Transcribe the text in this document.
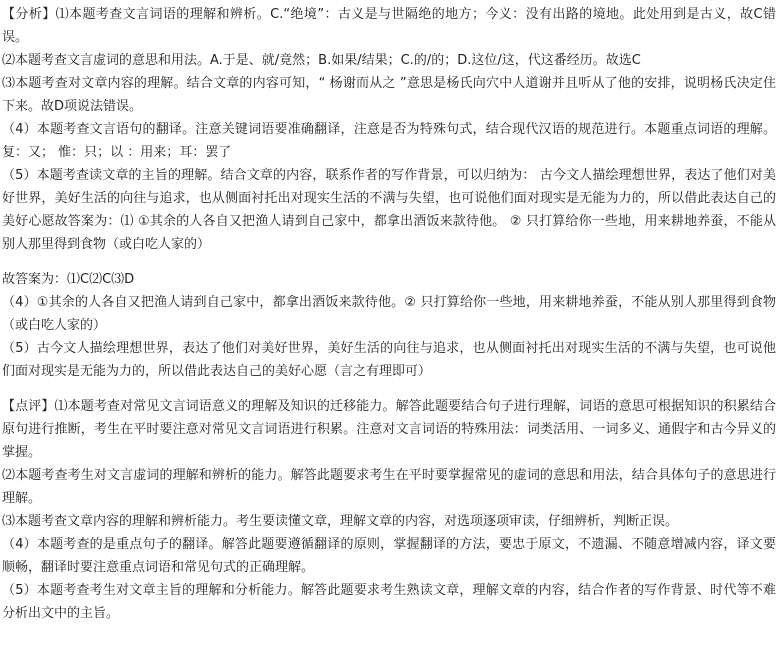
【分析】⑴本题考查文言词语的理解和辨析。C.“绝境”：古义是与世隔绝的地方；今义：没有出路的境地。此处用到是古义，故C错误。

⑵本题考查文言虚词的意思和用法。A.于是、就/竟然；B.如果/结果；C.的/的；D.这位/这，代这番经历。故选C

⑶本题考查对文章内容的理解。结合文章的内容可知，“ 杨谢而从之 ”意思是杨氏向穴中人道谢并且听从了他的安排，说明杨氏决定住下来。故D项说法错误。

（4）本题考查文言语句的翻译。注意关键词语要准确翻译，注意是否为特殊句式，结合现代汉语的规范进行。本题重点词语的理解。 复：又； 惟：只；以 ：用来；耳：罢了

（5）本题考查读文章的主旨的理解。结合文章的内容，联系作者的写作背景，可以归纳为： 古今文人描绘理想世界，表达了他们对美好世界，美好生活的向往与追求，也从侧面衬托出对现实生活的不满与失望，也可说他们面对现实是无能为力的，所以借此表达自己的美好心愿故答案为：⑴ ①其余的人各自又把渔人请到自己家中，都拿出酒饭来款待他。 ② 只打算给你一些地，用来耕地养蚕，不能从别人那里得到食物（或白吃人家的）

故答案为：⑴C⑵C⑶D

（4）①其余的人各自又把渔人请到自己家中，都拿出酒饭来款待他。② 只打算给你一些地，用来耕地养蚕，不能从别人那里得到食物（或白吃人家的）

（5）古今文人描绘理想世界，表达了他们对美好世界，美好生活的向往与追求，也从侧面衬托出对现实生活的不满与失望，也可说他们面对现实是无能为力的，所以借此表达自己的美好心愿（言之有理即可）

【点评】⑴本题考查对常见文言词语意义的理解及知识的迁移能力。解答此题要结合句子进行理解，词语的意思可根据知识的积累结合原句进行推断，考生在平时要注意对常见文言词语进行积累。注意对文言词语的特殊用法：词类活用、一词多义、通假字和古今异义的掌握。

⑵本题考查考生对文言虚词的理解和辨析的能力。解答此题要求考生在平时要掌握常见的虚词的意思和用法，结合具体句子的意思进行理解。

⑶本题考查文章内容的理解和辨析能力。考生要读懂文章，理解文章的内容，对选项逐项审读，仔细辨析，判断正误。

（4）本题考查的是重点句子的翻译。解答此题要遵循翻译的原则，掌握翻译的方法，要忠于原文，不遗漏、不随意增减内容，译文要顺畅，翻译时要注意重点词语和常见句式的正确理解。

（5）本题考查考生对文章主旨的理解和分析能力。解答此题要求考生熟读文章，理解文章的内容，结合作者的写作背景、时代等不难分析出文中的主旨。
